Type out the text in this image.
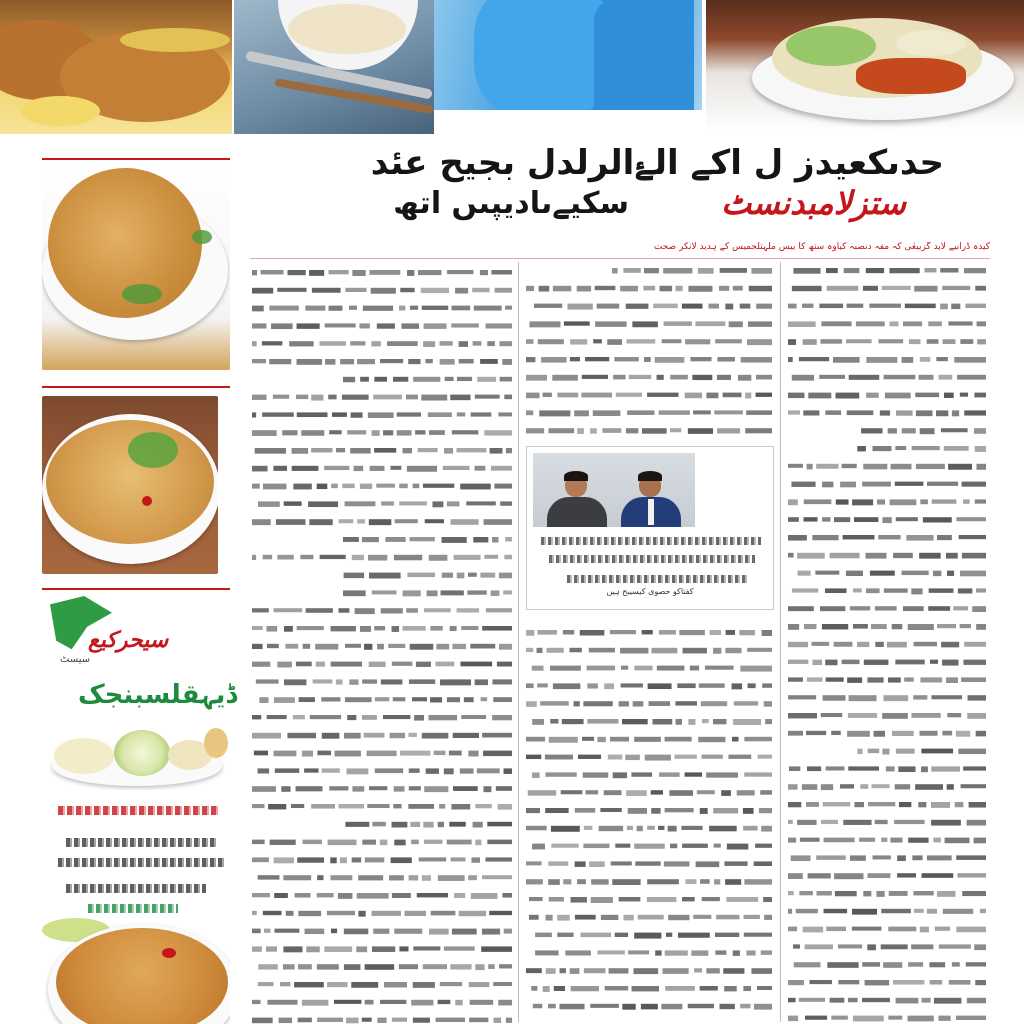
حدںکعیدز ل اکے الۓالرلدل بجیح عئد
سکیےںادیپںں اتھ	ستزلامبدنسٹ
کیدہ ڈرانیے لاید گزیبعٰی کہ مفہ دنصبہ کیاوہ ستھ کا بیس ملہتلجمیس کے ہدید لانکر صحت
سیحرکیع
سیسٹ
ڈیہقلسبنجک
کفتاکو حصوی کیسیبح ہیں
